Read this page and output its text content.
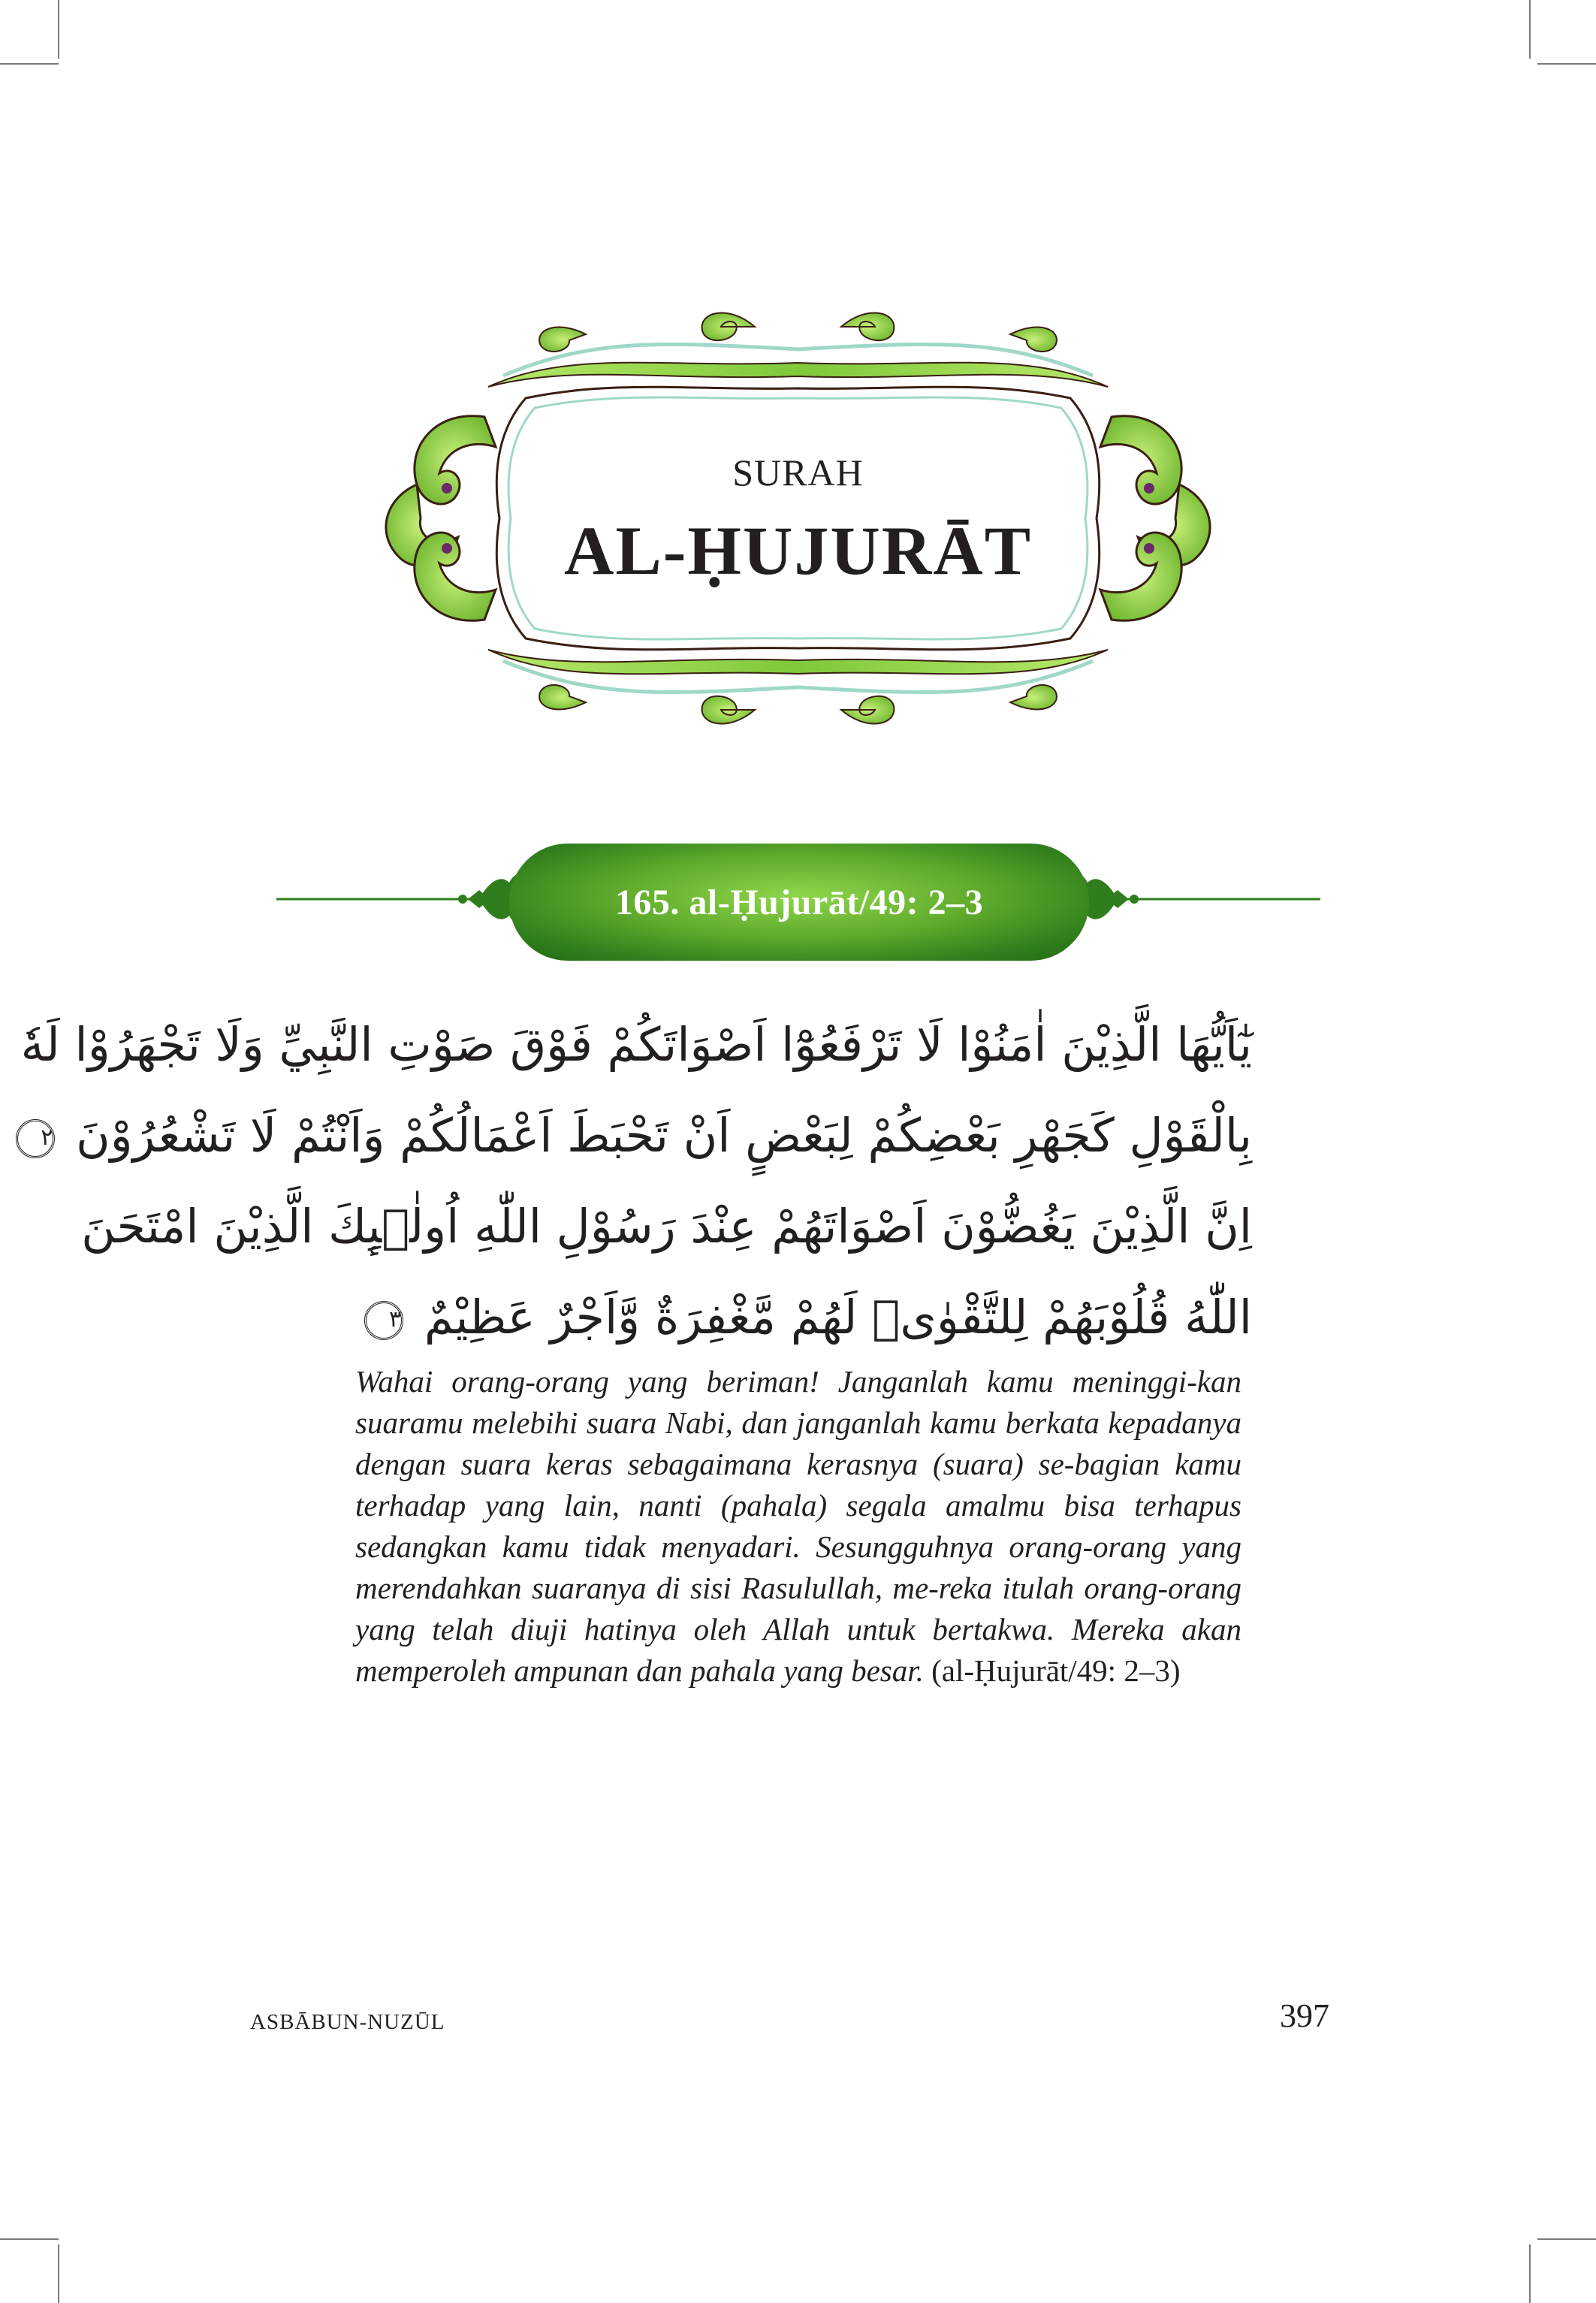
SURAH
AL-ḤUJURĀT
165. al-Ḥujurāt/49: 2–3
يٰٓاَيُّهَا الَّذِيْنَ اٰمَنُوْا لَا تَرْفَعُوْٓا اَصْوَاتَكُمْ فَوْقَ صَوْتِ النَّبِيِّ وَلَا تَجْهَرُوْا لَهٗ
بِالْقَوْلِ كَجَهْرِ بَعْضِكُمْ لِبَعْضٍ اَنْ تَحْبَطَ اَعْمَالُكُمْ وَاَنْتُمْ لَا تَشْعُرُوْنَ ٢
اِنَّ الَّذِيْنَ يَغُضُّوْنَ اَصْوَاتَهُمْ عِنْدَ رَسُوْلِ اللّٰهِ اُولٰۤىِٕكَ الَّذِيْنَ امْتَحَنَ
اللّٰهُ قُلُوْبَهُمْ لِلتَّقْوٰىۗ لَهُمْ مَّغْفِرَةٌ وَّاَجْرٌ عَظِيْمٌ ٣
Wahai orang-orang yang beriman! Janganlah kamu meninggi-kan suaramu melebihi suara Nabi, dan janganlah kamu berkata kepadanya dengan suara keras sebagaimana kerasnya (suara) se-bagian kamu terhadap yang lain, nanti (pahala) segala amalmu bisa terhapus sedangkan kamu tidak menyadari. Sesungguhnya orang-orang yang merendahkan suaranya di sisi Rasulullah, me-reka itulah orang-orang yang telah diuji hatinya oleh Allah untuk bertakwa. Mereka akan memperoleh ampunan dan pahala yang besar. (al-Ḥujurāt/49: 2–3)
ASBĀBUN-NUZŪL	397
